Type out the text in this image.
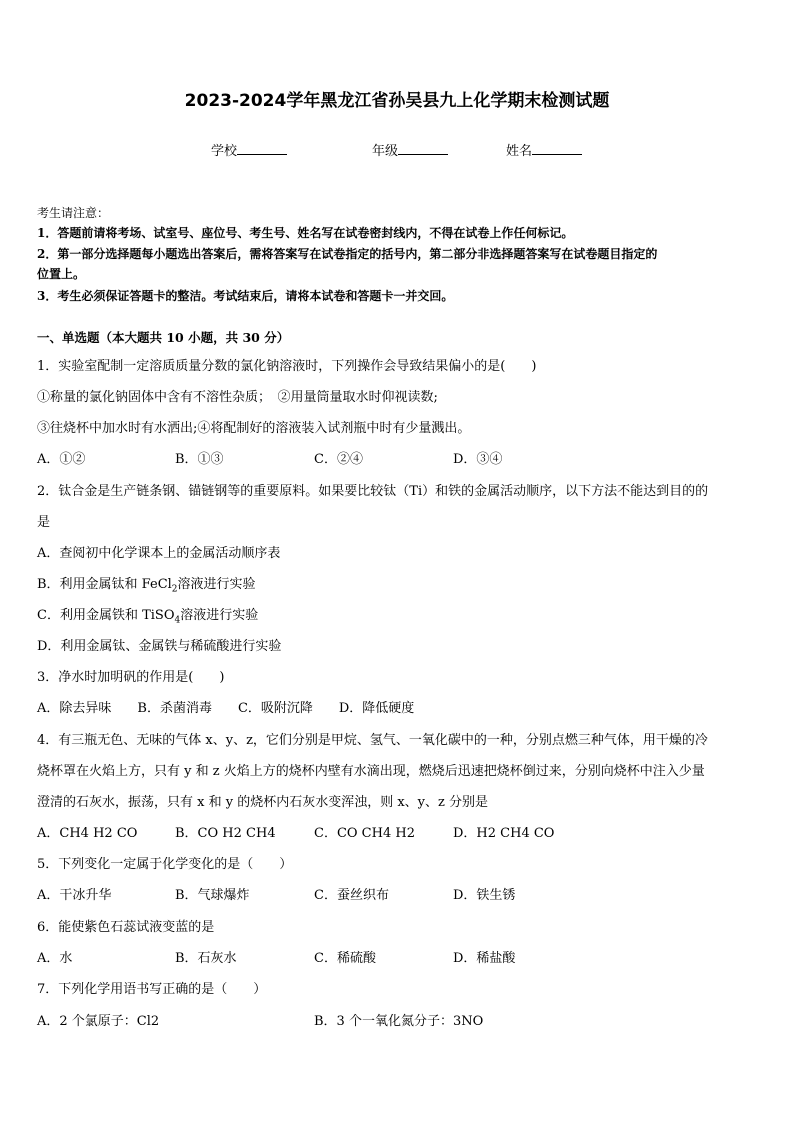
2023-2024学年黑龙江省孙吴县九上化学期末检测试题
学校	年级	姓名
考生请注意：
1．答题前请将考场、试室号、座位号、考生号、姓名写在试卷密封线内，不得在试卷上作任何标记。
2．第一部分选择题每小题选出答案后，需将答案写在试卷指定的括号内，第二部分非选择题答案写在试卷题目指定的
位置上。
3．考生必须保证答题卡的整洁。考试结束后，请将本试卷和答题卡一并交回。
一、单选题（本大题共 10 小题，共 30 分）
1．实验室配制一定溶质质量分数的氯化钠溶液时，下列操作会导致结果偏小的是(　　)
①称量的氯化钠固体中含有不溶性杂质；　②用量筒量取水时仰视读数;
③往烧杯中加水时有水洒出;④将配制好的溶液装入试剂瓶中时有少量溅出。
A．①②	B．①③	C．②④	D．③④
2．钛合金是生产链条钢、锚链钢等的重要原料。如果要比较钛（Ti）和铁的金属活动顺序，以下方法不能达到目的的
是
A．查阅初中化学课本上的金属活动顺序表
B．利用金属钛和 FeCl$_2$溶液进行实验
C．利用金属铁和 TiSO$_4$溶液进行实验
D．利用金属钛、金属铁与稀硫酸进行实验
3．净水时加明矾的作用是(　　)
A．除去异味　　B．杀菌消毒　　C．吸附沉降　　D．降低硬度
4．有三瓶无色、无味的气体 x、y、z，它们分别是甲烷、氢气、一氧化碳中的一种，分别点燃三种气体，用干燥的冷
烧杯罩在火焰上方，只有 y 和 z 火焰上方的烧杯内壁有水滴出现，燃烧后迅速把烧杯倒过来，分别向烧杯中注入少量
澄清的石灰水，振荡，只有 x 和 y 的烧杯内石灰水变浑浊，则 x、y、z 分别是
A．CH4 H2 CO	B．CO H2 CH4	C．CO CH4 H2	D．H2 CH4 CO
5．下列变化一定属于化学变化的是（　　）
A．干冰升华	B．气球爆炸	C．蚕丝织布	D．铁生锈
6．能使紫色石蕊试液变蓝的是
A．水	B．石灰水	C．稀硫酸	D．稀盐酸
7．下列化学用语书写正确的是（　　）
A．2 个氯原子：Cl2	B．3 个一氧化氮分子：3NO
